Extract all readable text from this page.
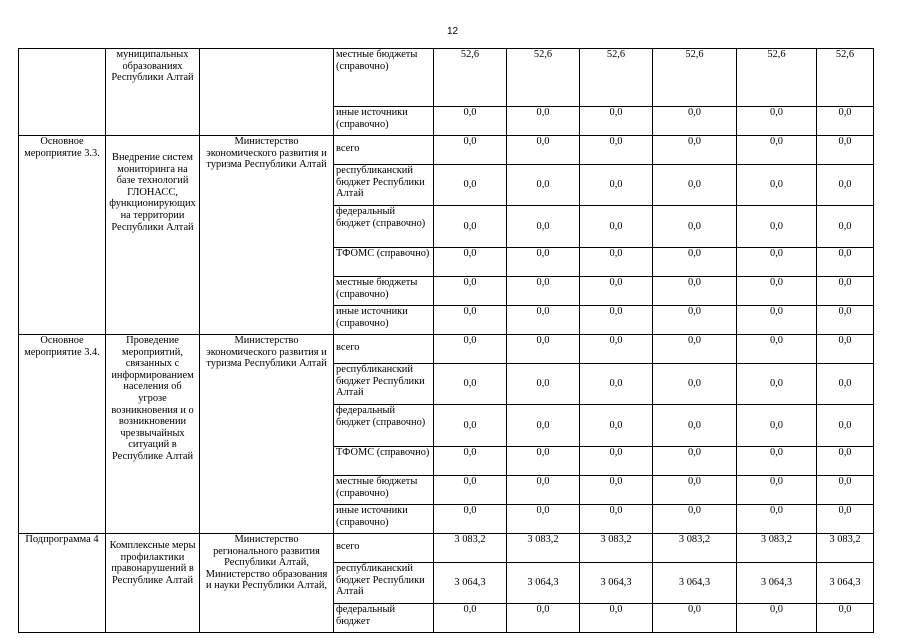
12
	муниципальных образованиях Республики Алтай		местные бюджеты (справочно)	52,6	52,6	52,6	52,6	52,6	52,6
			иные источники (справочно)	0,0	0,0	0,0	0,0	0,0	0,0
Основное мероприятие 3.3.	Внедрение систем мониторинга на базе технологий ГЛОНАСС, функционирующих на территории Республики Алтай	Министерство экономического развития и туризма Республики Алтай	всего	0,0	0,0	0,0	0,0	0,0	0,0
			республиканский бюджет Республики Алтай	0,0	0,0	0,0	0,0	0,0	0,0
			федеральный бюджет (справочно)	0,0	0,0	0,0	0,0	0,0	0,0
			ТФОМС (справочно)	0,0	0,0	0,0	0,0	0,0	0,0
			местные бюджеты (справочно)	0,0	0,0	0,0	0,0	0,0	0,0
			иные источники (справочно)	0,0	0,0	0,0	0,0	0,0	0,0
Основное мероприятие 3.4.	Проведение мероприятий, связанных с информированием населения об угрозе возникновения и о возникновении чрезвычайных ситуаций в Республике Алтай	Министерство экономического развития и туризма Республики Алтай	всего	0,0	0,0	0,0	0,0	0,0	0,0
			республиканский бюджет Республики Алтай	0,0	0,0	0,0	0,0	0,0	0,0
			федеральный бюджет (справочно)	0,0	0,0	0,0	0,0	0,0	0,0
			ТФОМС (справочно)	0,0	0,0	0,0	0,0	0,0	0,0
			местные бюджеты (справочно)	0,0	0,0	0,0	0,0	0,0	0,0
			иные источники (справочно)	0,0	0,0	0,0	0,0	0,0	0,0
Подпрограмма 4	Комплексные меры профилактики правонарушений в Республике Алтай	Министерство регионального развития Республики Алтай, Министерство образования и науки Республики Алтай,	всего	3 083,2	3 083,2	3 083,2	3 083,2	3 083,2	3 083,2
			республиканский бюджет Республики Алтай	3 064,3	3 064,3	3 064,3	3 064,3	3 064,3	3 064,3
			федеральный бюджет	0,0	0,0	0,0	0,0	0,0	0,0
